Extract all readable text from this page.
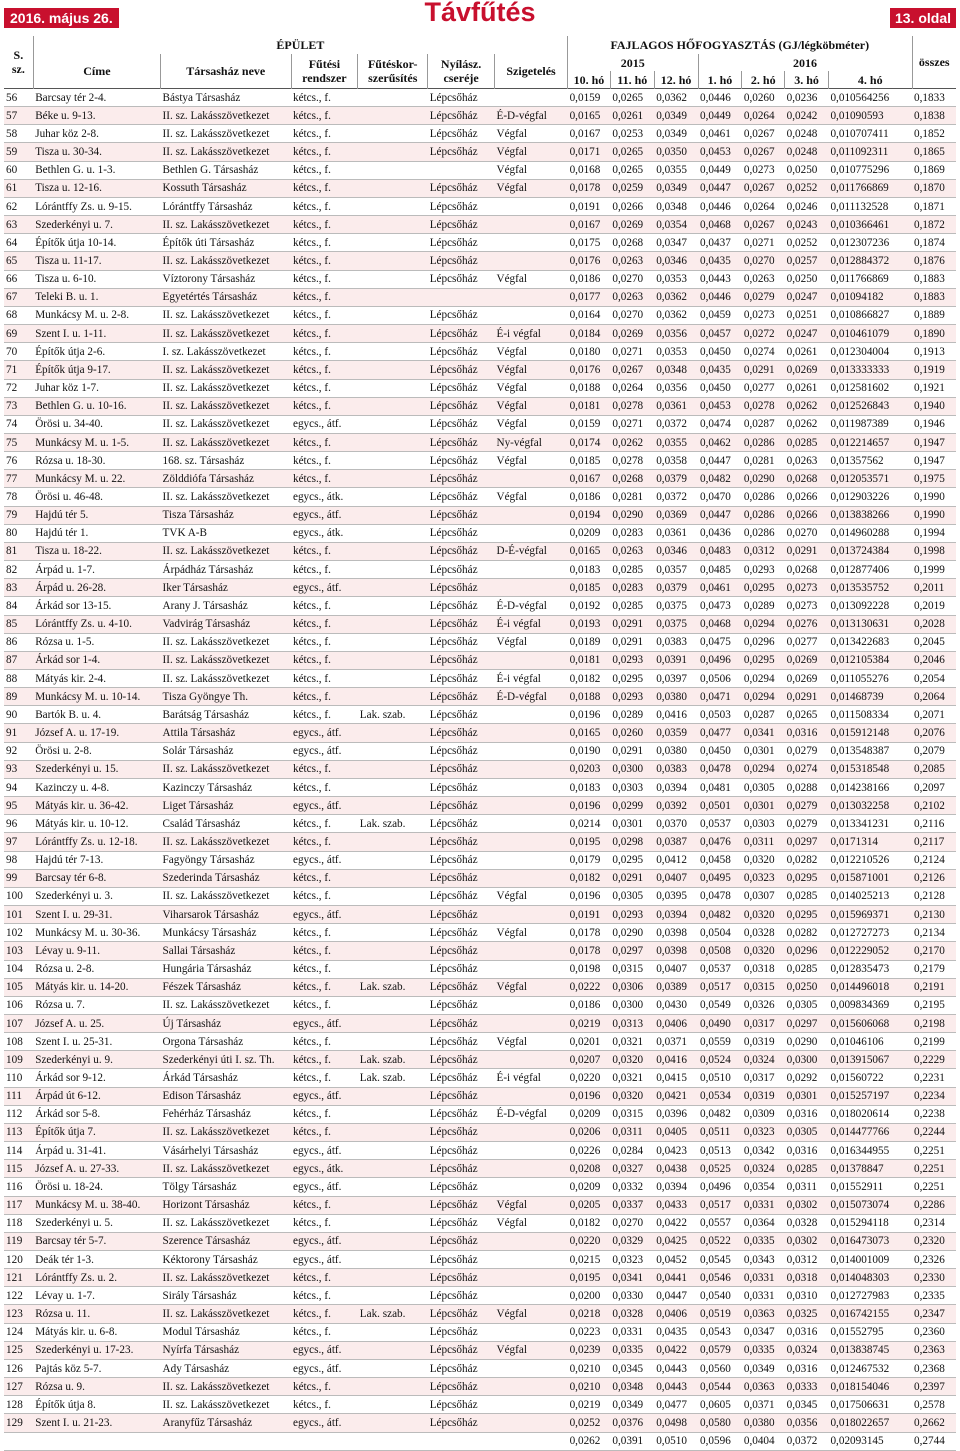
2016. május 26.	Távfűtés	13. oldal
S.
sz.	ÉPÜLET						FAJLAGOS HŐFOGYASZTÁS (GJ/légköbméter)							összes
	Címe	Társasház neve	Fűtési rendszer	Fűtéskor-szerűsítés	Nyílász. cseréje	Szigetelés	2015			2016				
							10. hó	11. hó	12. hó	1. hó	2. hó	3. hó	4. hó	
56	Barcsay tér 2-4.	Bástya Társasház	kétcs., f.		Lépcsőház		0,0159	0,0265	0,0362	0,0446	0,0260	0,0236	0,010564256	0,1833
57	Béke u. 9-13.	II. sz. Lakásszövetkezet	kétcs., f.		Lépcsőház	É-D-végfal	0,0165	0,0261	0,0349	0,0449	0,0264	0,0242	0,01090593	0,1838
58	Juhar köz 2-8.	II. sz. Lakásszövetkezet	kétcs., f.		Lépcsőház	Végfal	0,0167	0,0253	0,0349	0,0461	0,0267	0,0248	0,010707411	0,1852
59	Tisza u. 30-34.	II. sz. Lakásszövetkezet	kétcs., f.		Lépcsőház	Végfal	0,0171	0,0265	0,0350	0,0453	0,0267	0,0248	0,011092311	0,1865
60	Bethlen G. u. 1-3.	Bethlen G. Társasház	kétcs., f.			Végfal	0,0168	0,0265	0,0355	0,0449	0,0273	0,0250	0,010775296	0,1869
61	Tisza u. 12-16.	Kossuth Társasház	kétcs., f.		Lépcsőház	Végfal	0,0178	0,0259	0,0349	0,0447	0,0267	0,0252	0,011766869	0,1870
62	Lórántffy Zs. u. 9-15.	Lórántffy Társasház	kétcs., f.		Lépcsőház		0,0191	0,0266	0,0348	0,0446	0,0264	0,0246	0,011132528	0,1871
63	Szederkényi u. 7.	II. sz. Lakásszövetkezet	kétcs., f.		Lépcsőház		0,0167	0,0269	0,0354	0,0468	0,0267	0,0243	0,010366461	0,1872
64	Építők útja 10-14.	Építők úti Társasház	kétcs., f.		Lépcsőház		0,0175	0,0268	0,0347	0,0437	0,0271	0,0252	0,012307236	0,1874
65	Tisza u. 11-17.	II. sz. Lakásszövetkezet	kétcs., f.		Lépcsőház		0,0176	0,0263	0,0346	0,0435	0,0270	0,0257	0,012884372	0,1876
66	Tisza u. 6-10.	Víztorony Társasház	kétcs., f.		Lépcsőház	Végfal	0,0186	0,0270	0,0353	0,0443	0,0263	0,0250	0,011766869	0,1883
67	Teleki B. u. 1.	Egyetértés Társasház	kétcs., f.				0,0177	0,0263	0,0362	0,0446	0,0279	0,0247	0,01094182	0,1883
68	Munkácsy M. u. 2-8.	II. sz. Lakásszövetkezet	kétcs., f.		Lépcsőház		0,0164	0,0270	0,0362	0,0459	0,0273	0,0251	0,010866827	0,1889
69	Szent I. u. 1-11.	II. sz. Lakásszövetkezet	kétcs., f.		Lépcsőház	É-i végfal	0,0184	0,0269	0,0356	0,0457	0,0272	0,0247	0,010461079	0,1890
70	Építők útja 2-6.	I. sz. Lakásszövetkezet	kétcs., f.		Lépcsőház	Végfal	0,0180	0,0271	0,0353	0,0450	0,0274	0,0261	0,012304004	0,1913
71	Építők útja 9-17.	II. sz. Lakásszövetkezet	kétcs., f.		Lépcsőház	Végfal	0,0176	0,0267	0,0348	0,0435	0,0291	0,0269	0,013333333	0,1919
72	Juhar köz 1-7.	II. sz. Lakásszövetkezet	kétcs., f.		Lépcsőház	Végfal	0,0188	0,0264	0,0356	0,0450	0,0277	0,0261	0,012581602	0,1921
73	Bethlen G. u. 10-16.	II. sz. Lakásszövetkezet	kétcs., f.		Lépcsőház	Végfal	0,0181	0,0278	0,0361	0,0453	0,0278	0,0262	0,012526843	0,1940
74	Örösi u. 34-40.	II. sz. Lakásszövetkezet	egycs., átf.		Lépcsőház	Végfal	0,0159	0,0271	0,0372	0,0474	0,0287	0,0262	0,011987389	0,1946
75	Munkácsy M. u. 1-5.	II. sz. Lakásszövetkezet	kétcs., f.		Lépcsőház	Ny-végfal	0,0174	0,0262	0,0355	0,0462	0,0286	0,0285	0,012214657	0,1947
76	Rózsa u. 18-30.	168. sz. Társasház	kétcs., f.		Lépcsőház	Végfal	0,0185	0,0278	0,0358	0,0447	0,0281	0,0263	0,01357562	0,1947
77	Munkácsy M. u. 22.	Zölddiófa Társasház	kétcs., f.		Lépcsőház		0,0167	0,0268	0,0379	0,0482	0,0290	0,0268	0,012053571	0,1975
78	Örösi u. 46-48.	II. sz. Lakásszövetkezet	egycs., átk.		Lépcsőház	Végfal	0,0186	0,0281	0,0372	0,0470	0,0286	0,0266	0,012903226	0,1990
79	Hajdú tér 5.	Tisza Társasház	egycs., átf.		Lépcsőház		0,0194	0,0290	0,0369	0,0447	0,0286	0,0266	0,013838266	0,1990
80	Hajdú tér 1.	TVK A-B	egycs., átk.		Lépcsőház		0,0209	0,0283	0,0361	0,0436	0,0286	0,0270	0,014960288	0,1994
81	Tisza u. 18-22.	II. sz. Lakásszövetkezet	kétcs., f.		Lépcsőház	D-É-végfal	0,0165	0,0263	0,0346	0,0483	0,0312	0,0291	0,013724384	0,1998
82	Árpád u. 1-7.	Árpádház Társasház	kétcs., f.		Lépcsőház		0,0183	0,0285	0,0357	0,0485	0,0293	0,0268	0,012877406	0,1999
83	Árpád u. 26-28.	Iker Társasház	egycs., átf.		Lépcsőház		0,0185	0,0283	0,0379	0,0461	0,0295	0,0273	0,013535752	0,2011
84	Árkád sor 13-15.	Arany J. Társasház	kétcs., f.		Lépcsőház	É-D-végfal	0,0192	0,0285	0,0375	0,0473	0,0289	0,0273	0,013092228	0,2019
85	Lórántffy Zs. u. 4-10.	Vadvirág Társasház	kétcs., f.		Lépcsőház	É-i végfal	0,0193	0,0291	0,0375	0,0468	0,0294	0,0276	0,013130631	0,2028
86	Rózsa u. 1-5.	II. sz. Lakásszövetkezet	kétcs., f.		Lépcsőház	Végfal	0,0189	0,0291	0,0383	0,0475	0,0296	0,0277	0,013422683	0,2045
87	Árkád sor 1-4.	II. sz. Lakásszövetkezet	kétcs., f.		Lépcsőház		0,0181	0,0293	0,0391	0,0496	0,0295	0,0269	0,012105384	0,2046
88	Mátyás kir. 2-4.	II. sz. Lakásszövetkezet	kétcs., f.		Lépcsőház	É-i végfal	0,0182	0,0295	0,0397	0,0506	0,0294	0,0269	0,011055276	0,2054
89	Munkácsy M. u. 10-14.	Tisza Gyöngye Th.	kétcs., f.		Lépcsőház	É-D-végfal	0,0188	0,0293	0,0380	0,0471	0,0294	0,0291	0,01468739	0,2064
90	Bartók B. u. 4.	Barátság Társasház	kétcs., f.	Lak. szab.	Lépcsőház		0,0196	0,0289	0,0416	0,0503	0,0287	0,0265	0,011508334	0,2071
91	József A. u. 17-19.	Attila Társasház	egycs., átf.		Lépcsőház		0,0165	0,0260	0,0359	0,0477	0,0341	0,0316	0,015912148	0,2076
92	Örösi u. 2-8.	Solár Társasház	egycs., átf.		Lépcsőház		0,0190	0,0291	0,0380	0,0450	0,0301	0,0279	0,013548387	0,2079
93	Szederkényi u. 15.	II. sz. Lakásszövetkezet	kétcs., f.		Lépcsőház		0,0203	0,0300	0,0383	0,0478	0,0294	0,0274	0,015318548	0,2085
94	Kazinczy u. 4-8.	Kazinczy Társasház	kétcs., f.		Lépcsőház		0,0183	0,0303	0,0394	0,0481	0,0305	0,0288	0,014238166	0,2097
95	Mátyás kir. u. 36-42.	Liget Társasház	egycs., átf.		Lépcsőház		0,0196	0,0299	0,0392	0,0501	0,0301	0,0279	0,013032258	0,2102
96	Mátyás kir. u. 10-12.	Család Társasház	kétcs., f.	Lak. szab.	Lépcsőház		0,0214	0,0301	0,0370	0,0537	0,0303	0,0279	0,013341231	0,2116
97	Lórántffy Zs. u. 12-18.	II. sz. Lakásszövetkezet	kétcs., f.		Lépcsőház		0,0195	0,0298	0,0387	0,0476	0,0311	0,0297	0,0171314	0,2117
98	Hajdú tér 7-13.	Fagyöngy Társasház	egycs., átf.		Lépcsőház		0,0179	0,0295	0,0412	0,0458	0,0320	0,0282	0,012210526	0,2124
99	Barcsay tér 6-8.	Szederinda Társasház	kétcs., f.		Lépcsőház		0,0182	0,0291	0,0407	0,0495	0,0323	0,0295	0,015871001	0,2126
100	Szederkényi u. 3.	II. sz. Lakásszövetkezet	kétcs., f.		Lépcsőház	Végfal	0,0196	0,0305	0,0395	0,0478	0,0307	0,0285	0,014025213	0,2128
101	Szent I. u. 29-31.	Viharsarok Társasház	egycs., átf.		Lépcsőház		0,0191	0,0293	0,0394	0,0482	0,0320	0,0295	0,015969371	0,2130
102	Munkácsy M. u. 30-36.	Munkácsy Társasház	kétcs., f.		Lépcsőház	Végfal	0,0178	0,0290	0,0398	0,0504	0,0328	0,0282	0,012727273	0,2134
103	Lévay u. 9-11.	Sallai Társasház	kétcs., f.		Lépcsőház		0,0178	0,0297	0,0398	0,0508	0,0320	0,0296	0,012229052	0,2170
104	Rózsa u. 2-8.	Hungária Társasház	kétcs., f.		Lépcsőház		0,0198	0,0315	0,0407	0,0537	0,0318	0,0285	0,012835473	0,2179
105	Mátyás kir. u. 14-20.	Fészek Társasház	kétcs., f.	Lak. szab.	Lépcsőház	Végfal	0,0222	0,0306	0,0389	0,0517	0,0315	0,0250	0,014496018	0,2191
106	Rózsa u. 7.	II. sz. Lakásszövetkezet	kétcs., f.		Lépcsőház		0,0186	0,0300	0,0430	0,0549	0,0326	0,0305	0,009834369	0,2195
107	József A. u. 25.	Új Társasház	egycs., átf.		Lépcsőház		0,0219	0,0313	0,0406	0,0490	0,0317	0,0297	0,015606068	0,2198
108	Szent I. u. 25-31.	Orgona Társasház	kétcs., f.		Lépcsőház	Végfal	0,0201	0,0321	0,0371	0,0559	0,0319	0,0290	0,01046106	0,2199
109	Szederkényi u. 9.	Szederkényi úti I. sz. Th.	kétcs., f.	Lak. szab.	Lépcsőház		0,0207	0,0320	0,0416	0,0524	0,0324	0,0300	0,013915067	0,2229
110	Árkád sor 9-12.	Árkád Társasház	kétcs., f.	Lak. szab.	Lépcsőház	É-i végfal	0,0220	0,0321	0,0415	0,0510	0,0317	0,0292	0,01560722	0,2231
111	Árpád út 6-12.	Edison Társasház	egycs., átf.		Lépcsőház		0,0196	0,0320	0,0421	0,0534	0,0319	0,0301	0,015257197	0,2234
112	Árkád sor 5-8.	Fehérház Társasház	kétcs., f.		Lépcsőház	É-D-végfal	0,0209	0,0315	0,0396	0,0482	0,0309	0,0316	0,018020614	0,2238
113	Építők útja 7.	II. sz. Lakásszövetkezet	kétcs., f.		Lépcsőház		0,0206	0,0311	0,0405	0,0511	0,0323	0,0305	0,014477766	0,2244
114	Árpád u. 31-41.	Vásárhelyi Társasház	egycs., átf.		Lépcsőház		0,0226	0,0284	0,0423	0,0513	0,0342	0,0316	0,016344955	0,2251
115	József A. u. 27-33.	II. sz. Lakásszövetkezet	egycs., átk.		Lépcsőház		0,0208	0,0327	0,0438	0,0525	0,0324	0,0285	0,01378847	0,2251
116	Örösi u. 18-24.	Tölgy Társasház	egycs., átf.		Lépcsőház		0,0209	0,0332	0,0394	0,0496	0,0354	0,0311	0,01552911	0,2251
117	Munkácsy M. u. 38-40.	Horizont Társasház	kétcs., f.		Lépcsőház	Végfal	0,0205	0,0337	0,0433	0,0517	0,0331	0,0302	0,015073074	0,2286
118	Szederkényi u. 5.	II. sz. Lakásszövetkezet	kétcs., f.		Lépcsőház	Végfal	0,0182	0,0270	0,0422	0,0557	0,0364	0,0328	0,015294118	0,2314
119	Barcsay tér 5-7.	Szerence Társasház	egycs., átf.		Lépcsőház		0,0220	0,0329	0,0425	0,0522	0,0335	0,0302	0,016473073	0,2320
120	Deák tér 1-3.	Kéktorony Társasház	egycs., átf.		Lépcsőház		0,0215	0,0323	0,0452	0,0545	0,0343	0,0312	0,014001009	0,2326
121	Lórántffy Zs. u. 2.	II. sz. Lakásszövetkezet	kétcs., f.		Lépcsőház		0,0195	0,0341	0,0441	0,0546	0,0331	0,0318	0,014048303	0,2330
122	Lévay u. 1-7.	Sirály Társasház	kétcs., f.		Lépcsőház		0,0200	0,0330	0,0447	0,0540	0,0331	0,0310	0,012727983	0,2335
123	Rózsa u. 11.	II. sz. Lakásszövetkezet	kétcs., f.	Lak. szab.	Lépcsőház	Végfal	0,0218	0,0328	0,0406	0,0519	0,0363	0,0325	0,016742155	0,2347
124	Mátyás kir. u. 6-8.	Modul Társasház	kétcs., f.		Lépcsőház		0,0223	0,0331	0,0435	0,0543	0,0347	0,0316	0,01552795	0,2360
125	Szederkényi u. 17-23.	Nyírfa Társasház	egycs., átf.		Lépcsőház	Végfal	0,0239	0,0335	0,0422	0,0579	0,0335	0,0324	0,013838745	0,2363
126	Pajtás köz 5-7.	Ady Társasház	egycs., átf.		Lépcsőház		0,0210	0,0345	0,0443	0,0560	0,0349	0,0316	0,012467532	0,2368
127	Rózsa u. 9.	II. sz. Lakásszövetkezet	kétcs., f.		Lépcsőház		0,0210	0,0348	0,0443	0,0544	0,0363	0,0333	0,018154046	0,2397
128	Építők útja 8.	II. sz. Lakásszövetkezet	kétcs., f.		Lépcsőház		0,0219	0,0349	0,0477	0,0605	0,0371	0,0345	0,017506631	0,2578
129	Szent I. u. 21-23.	Aranyfűz Társasház	egycs., átf.		Lépcsőház		0,0252	0,0376	0,0498	0,0580	0,0380	0,0356	0,018022657	0,2662
							0,0262	0,0391	0,0510	0,0596	0,0404	0,0372	0,02093145	0,2744
